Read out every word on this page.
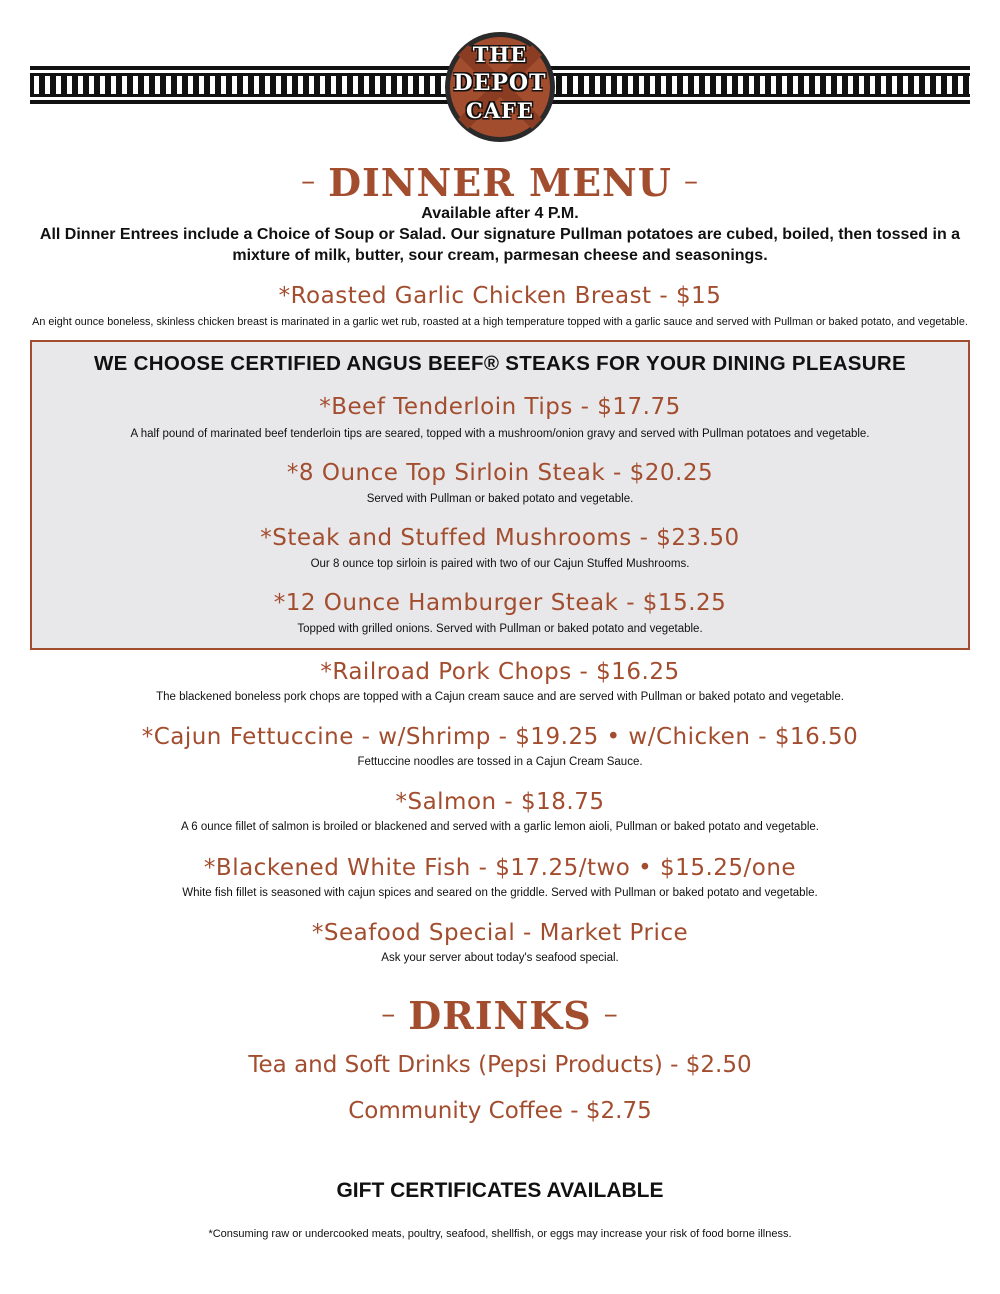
THE
DEPOT
CAFE
– DINNER MENU –
Available after 4 P.M.
All Dinner Entrees include a Choice of Soup or Salad. Our signature Pullman potatoes are cubed, boiled, then tossed in a
mixture of milk, butter, sour cream, parmesan cheese and seasonings.
*Roasted Garlic Chicken Breast - $15
An eight ounce boneless, skinless chicken breast is marinated in a garlic wet rub, roasted at a high temperature topped with a garlic sauce and served with Pullman or baked potato, and vegetable.
WE CHOOSE CERTIFIED ANGUS BEEF® STEAKS FOR YOUR DINING PLEASURE
*Beef Tenderloin Tips - $17.75
A half pound of marinated beef tenderloin tips are seared, topped with a mushroom/onion gravy and served with Pullman potatoes and vegetable.
*8 Ounce Top Sirloin Steak - $20.25
Served with Pullman or baked potato and vegetable.
*Steak and Stuffed Mushrooms - $23.50
Our 8 ounce top sirloin is paired with two of our Cajun Stuffed Mushrooms.
*12 Ounce Hamburger Steak - $15.25
Topped with grilled onions. Served with Pullman or baked potato and vegetable.
*Railroad Pork Chops - $16.25
The blackened boneless pork chops are topped with a Cajun cream sauce and are served with Pullman or baked potato and vegetable.
*Cajun Fettuccine - w/Shrimp - $19.25 • w/Chicken - $16.50
Fettuccine noodles are tossed in a Cajun Cream Sauce.
*Salmon - $18.75
A 6 ounce fillet of salmon is broiled or blackened and served with a garlic lemon aioli, Pullman or baked potato and vegetable.
*Blackened White Fish - $17.25/two • $15.25/one
White fish fillet is seasoned with cajun spices and seared on the griddle. Served with Pullman or baked potato and vegetable.
*Seafood Special - Market Price
Ask your server about today's seafood special.
– DRINKS –
Tea and Soft Drinks (Pepsi Products) - $2.50
Community Coffee - $2.75
GIFT CERTIFICATES AVAILABLE
*Consuming raw or undercooked meats, poultry, seafood, shellfish, or eggs may increase your risk of food borne illness.
